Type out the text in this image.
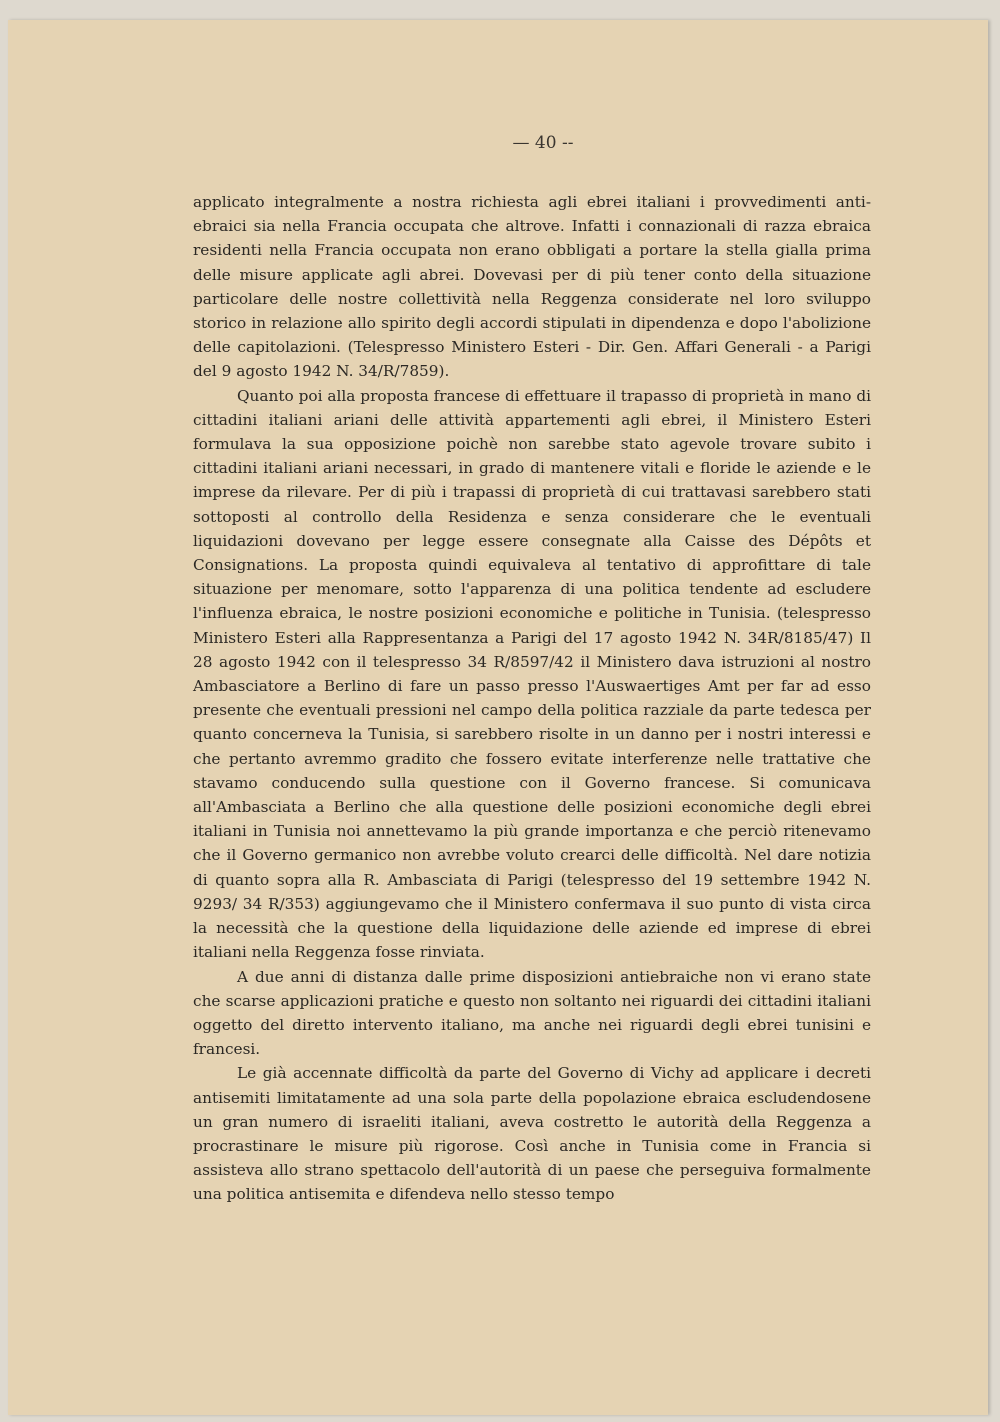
— 40 --

applicato integralmente a nostra richiesta agli ebrei italiani i provvedimenti anti-ebraici sia nella Francia occupata che altrove. Infatti i connazionali di razza ebraica residenti nella Francia occupata non erano obbligati a portare la stella gialla prima delle misure applicate agli abrei. Dovevasi per di più tener conto della situazione particolare delle nostre collettività nella Reggenza considerate nel loro sviluppo storico in relazione allo spirito degli accordi stipulati in dipendenza e dopo l'abolizione delle capitolazioni. (Telespresso Ministero Esteri - Dir. Gen. Affari Generali - a Parigi del 9 agosto 1942 N. 34/R/7859).

Quanto poi alla proposta francese di effettuare il trapasso di proprietà in mano di cittadini italiani ariani delle attività appartementi agli ebrei, il Ministero Esteri formulava la sua opposizione poichè non sarebbe stato agevole trovare subito i cittadini italiani ariani necessari, in grado di mantenere vitali e floride le aziende e le imprese da rilevare. Per di più i trapassi di proprietà di cui trattavasi sarebbero stati sottoposti al controllo della Residenza e senza considerare che le eventuali liquidazioni dovevano per legge essere consegnate alla Caisse des Dépôts et Consignations. La proposta quindi equivaleva al tentativo di approfittare di tale situazione per menomare, sotto l'apparenza di una politica tendente ad escludere l'influenza ebraica, le nostre posizioni economiche e politiche in Tunisia. (telespresso Ministero Esteri alla Rappresentanza a Parigi del 17 agosto 1942 N. 34R/8185/47) Il 28 agosto 1942 con il telespresso 34 R/8597/42 il Ministero dava istruzioni al nostro Ambasciatore a Berlino di fare un passo presso l'Auswaertiges Amt per far ad esso presente che eventuali pressioni nel campo della politica razziale da parte tedesca per quanto concerneva la Tunisia, si sarebbero risolte in un danno per i nostri interessi e che pertanto avremmo gradito che fossero evitate interferenze nelle trattative che stavamo conducendo sulla questione con il Governo francese. Si comunicava all'Ambasciata a Berlino che alla questione delle posizioni economiche degli ebrei italiani in Tunisia noi annettevamo la più grande importanza e che perciò ritenevamo che il Governo germanico non avrebbe voluto crearci delle difficoltà. Nel dare notizia di quanto sopra alla R. Ambasciata di Parigi (telespresso del 19 settembre 1942 N. 9293/ 34 R/353) aggiungevamo che il Ministero confermava il suo punto di vista circa la necessità che la questione della liquidazione delle aziende ed imprese di ebrei italiani nella Reggenza fosse rinviata.

A due anni di distanza dalle prime disposizioni antiebraiche non vi erano state che scarse applicazioni pratiche e questo non soltanto nei riguardi dei cittadini italiani oggetto del diretto intervento italiano, ma anche nei riguardi degli ebrei tunisini e francesi.

Le già accennate difficoltà da parte del Governo di Vichy ad applicare i decreti antisemiti limitatamente ad una sola parte della popolazione ebraica escludendosene un gran numero di israeliti italiani, aveva costretto le autorità della Reggenza a procrastinare le misure più rigorose. Così anche in Tunisia come in Francia si assisteva allo strano spettacolo dell'autorità di un paese che perseguiva formalmente una politica antisemita e difendeva nello stesso tempo
